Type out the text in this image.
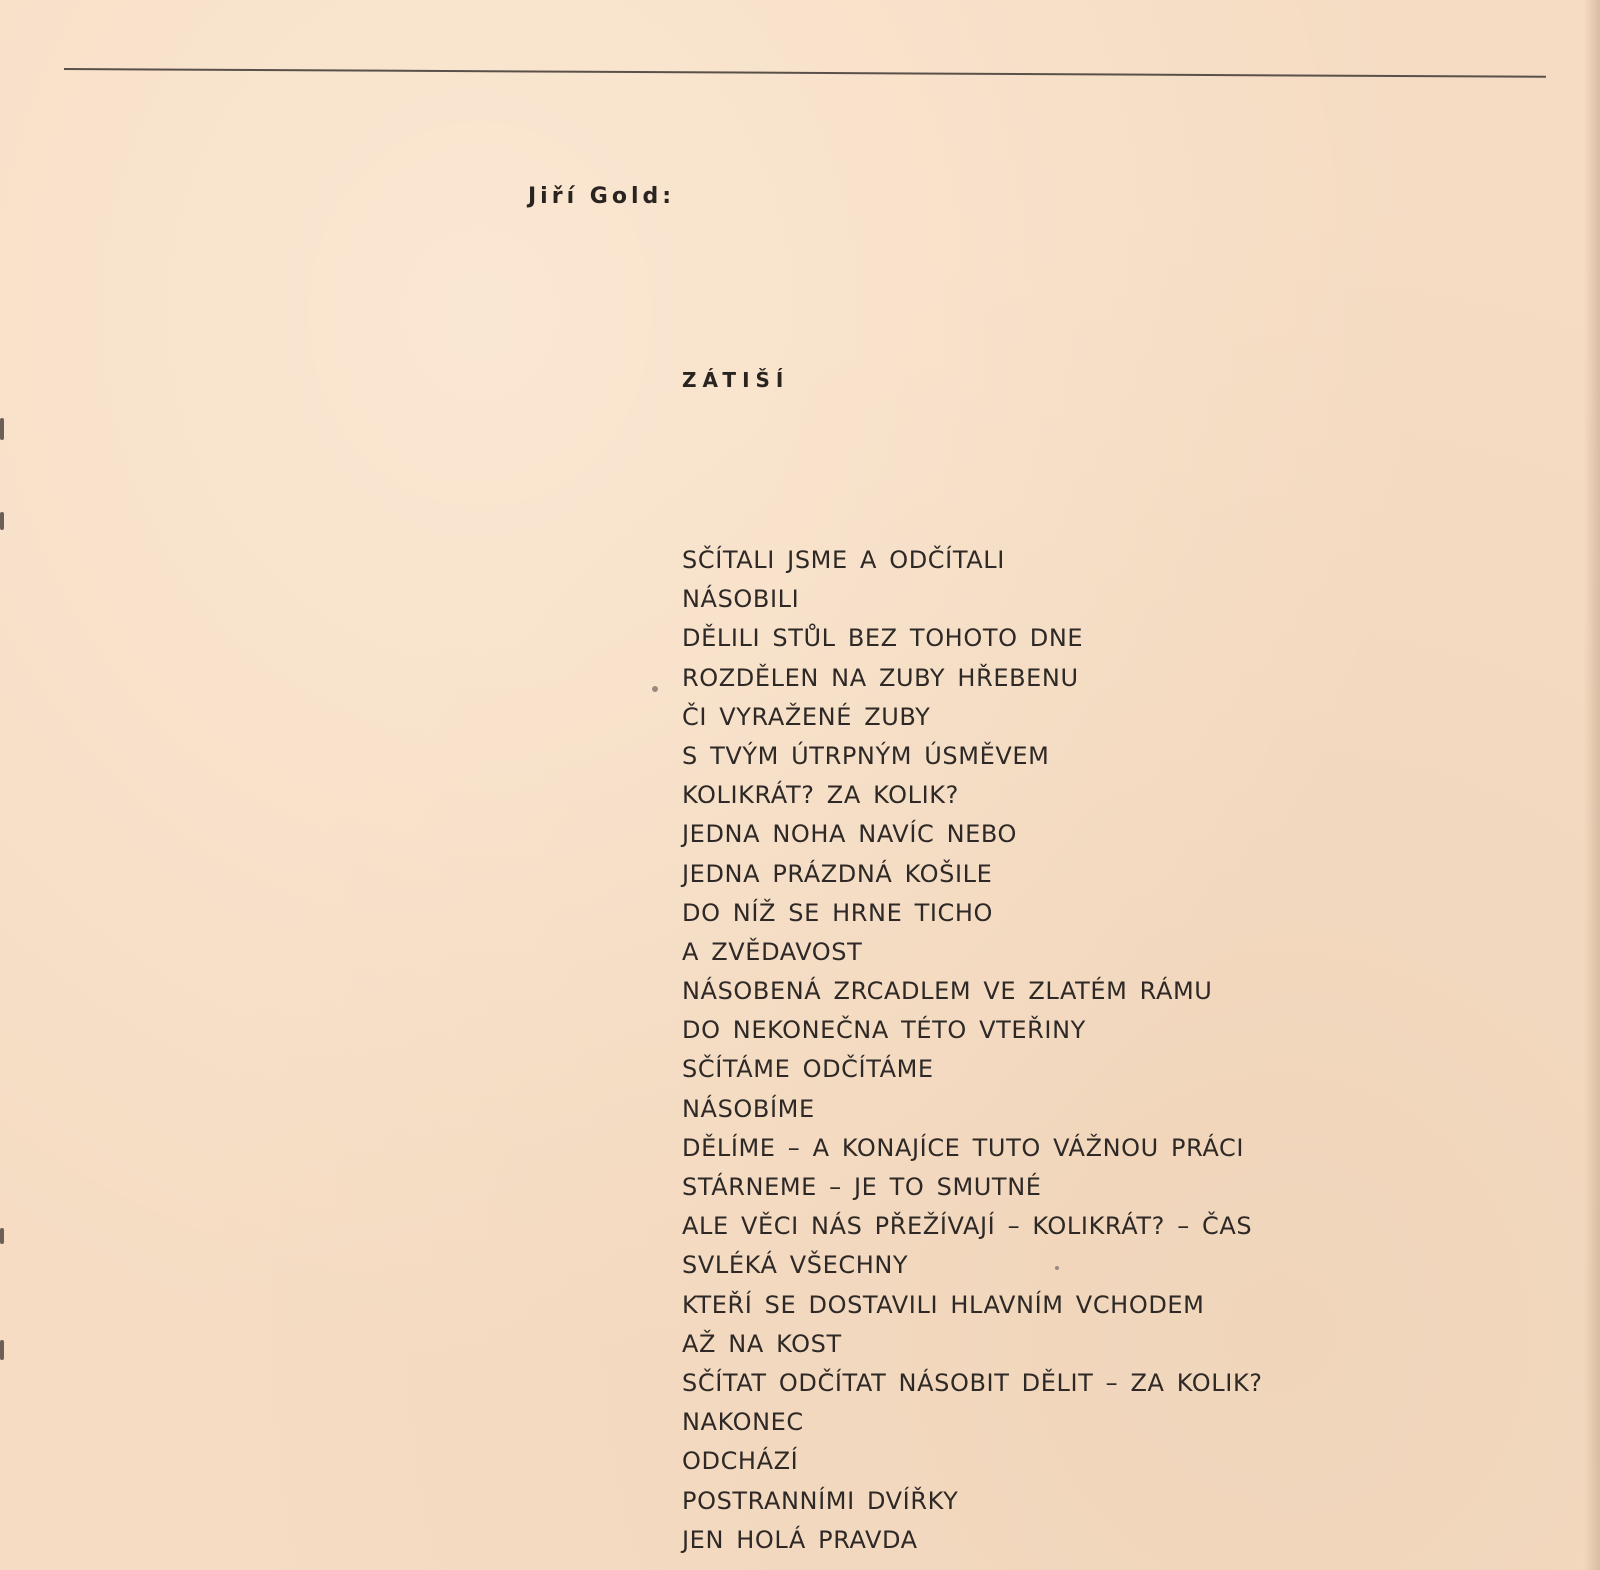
Jiří Gold:
ZÁTIŠÍ
SČÍTALI JSME A ODČÍTALI
NÁSOBILI
DĚLILI STŮL BEZ TOHOTO DNE
ROZDĚLEN NA ZUBY HŘEBENU
ČI VYRAŽENÉ ZUBY
S TVÝM ÚTRPNÝM ÚSMĚVEM
KOLIKRÁT? ZA KOLIK?
JEDNA NOHA NAVÍC NEBO
JEDNA PRÁZDNÁ KOŠILE
DO NÍŽ SE HRNE TICHO
A ZVĚDAVOST
NÁSOBENÁ ZRCADLEM VE ZLATÉM RÁMU
DO NEKONEČNA TÉTO VTEŘINY
SČÍTÁME ODČÍTÁME
NÁSOBÍME
DĚLÍME – A KONAJÍCE TUTO VÁŽNOU PRÁCI
STÁRNEME – JE TO SMUTNÉ
ALE VĚCI NÁS PŘEŽÍVAJÍ – KOLIKRÁT? – ČAS
SVLÉKÁ VŠECHNY
KTEŘÍ SE DOSTAVILI HLAVNÍM VCHODEM
AŽ NA KOST
SČÍTAT ODČÍTAT NÁSOBIT DĚLIT – ZA KOLIK?
NAKONEC
ODCHÁZÍ
POSTRANNÍMI DVÍŘKY
JEN HOLÁ PRAVDA
